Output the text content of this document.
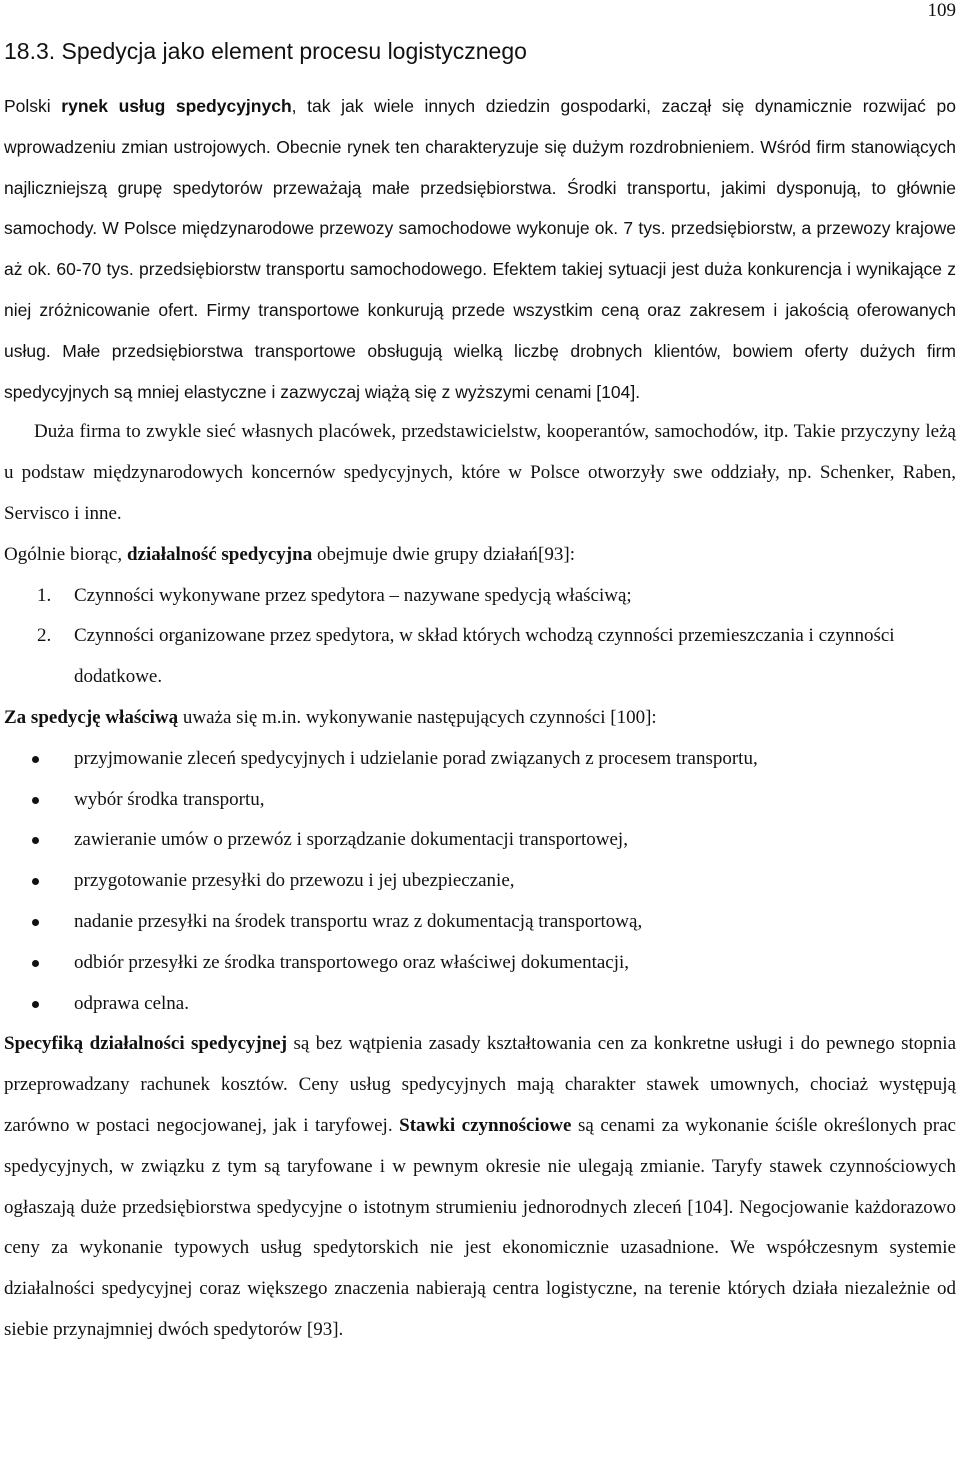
109
18.3. Spedycja jako element procesu logistycznego

Polski rynek usług spedycyjnych, tak jak wiele innych dziedzin gospodarki, zaczął się dynamicznie rozwijać po wprowadzeniu zmian ustrojowych. Obecnie rynek ten charakteryzuje się dużym rozdrobnieniem. Wśród firm stanowiących najliczniejszą grupę spedytorów przeważają małe przedsiębiorstwa. Środki transportu, jakimi dysponują, to głównie samochody. W Polsce międzynarodowe przewozy samochodowe wykonuje ok. 7 tys. przedsiębiorstw, a przewozy krajowe aż ok. 60-70 tys. przedsiębiorstw transportu samochodowego. Efektem takiej sytuacji jest duża konkurencja i wynikające z niej zróżnicowanie ofert. Firmy transportowe konkurują przede wszystkim ceną oraz zakresem i jakością oferowanych usług. Małe przedsiębiorstwa transportowe obsługują wielką liczbę drobnych klientów, bowiem oferty dużych firm spedycyjnych są mniej elastyczne i zazwyczaj wiążą się z wyższymi cenami [104].

Duża firma to zwykle sieć własnych placówek, przedstawicielstw, kooperantów, samochodów, itp. Takie przyczyny leżą u podstaw międzynarodowych koncernów spedycyjnych, które w Polsce otworzyły swe oddziały, np. Schenker, Raben, Servisco i inne.

Ogólnie biorąc, działalność spedycyjna obejmuje dwie grupy działań[93]:

1. Czynności wykonywane przez spedytora – nazywane spedycją właściwą;
2. Czynności organizowane przez spedytora, w skład których wchodzą czynności przemieszczania i czynności dodatkowe.

Za spedycję właściwą uważa się m.in. wykonywanie następujących czynności [100]:

przyjmowanie zleceń spedycyjnych i udzielanie porad związanych z procesem transportu,
wybór środka transportu,
zawieranie umów o przewóz i sporządzanie dokumentacji transportowej,
przygotowanie przesyłki do przewozu i jej ubezpieczanie,
nadanie przesyłki na środek transportu wraz z dokumentacją transportową,
odbiór przesyłki ze środka transportowego oraz właściwej dokumentacji,
odprawa celna.

Specyfiką działalności spedycyjnej są bez wątpienia zasady kształtowania cen za konkretne usługi i do pewnego stopnia przeprowadzany rachunek kosztów. Ceny usług spedycyjnych mają charakter stawek umownych, chociaż występują zarówno w postaci negocjowanej, jak i taryfowej. Stawki czynnościowe są cenami za wykonanie ściśle określonych prac spedycyjnych, w związku z tym są taryfowane i w pewnym okresie nie ulegają zmianie. Taryfy stawek czynnościowych ogłaszają duże przedsiębiorstwa spedycyjne o istotnym strumieniu jednorodnych zleceń [104]. Negocjowanie każdorazowo ceny za wykonanie typowych usług spedytorskich nie jest ekonomicznie uzasadnione. We współczesnym systemie działalności spedycyjnej coraz większego znaczenia nabierają centra logistyczne, na terenie których działa niezależnie od siebie przynajmniej dwóch spedytorów [93].
